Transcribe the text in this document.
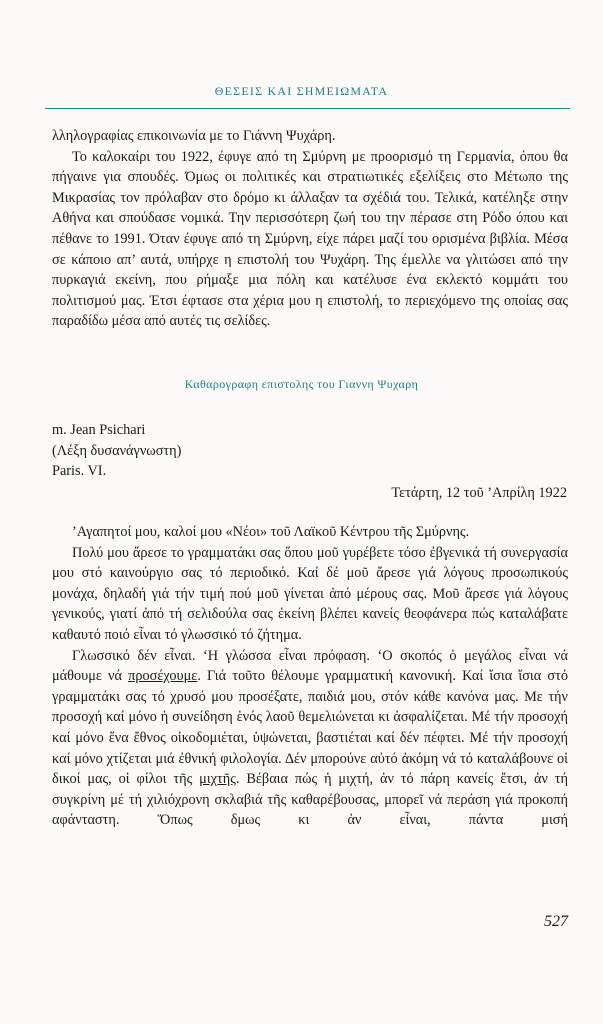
ΘΕΣΕΙΣ ΚΑΙ ΣΗΜΕΙΩΜΑΤΑ

λληλογραφίας επικοινωνία με το Γιάννη Ψυχάρη.

Το καλοκαίρι του 1922, έφυγε από τη Σμύρνη με προορισμό τη Γερμανία, όπου θα πήγαινε για σπουδές. Όμως οι πολιτικές και στρατιωτικές εξελίξεις στο Μέτωπο της Μικρασίας τον πρόλαβαν στο δρόμο κι άλλαξαν τα σχέδιά του. Τελικά, κατέληξε στην Αθήνα και σπούδασε νομικά. Την περισσότερη ζωή του την πέρασε στη Ρόδο όπου και πέθανε το 1991. Όταν έφυγε από τη Σμύρνη, είχε πάρει μαζί του ορισμένα βιβλία. Μέσα σε κάποιο απ’ αυτά, υπήρχε η επιστολή του Ψυχάρη. Της έμελλε να γλιτώσει από την πυρκαγιά εκείνη, που ρήμαξε μια πόλη και κατέλυσε ένα εκλεκτό κομμάτι του πολιτισμού μας. Έτσι έφτασε στα χέρια μου η επιστολή, το περιεχόμενο της οποίας σας παραδίδω μέσα από αυτές τις σελίδες.

Καθαρογραφη επιστολης του Γιαννη Ψυχαρη
m. Jean Psichari
(Λέξη δυσανάγνωστη)
Paris. VI.
Τετάρτη, 12 τοῦ ’Απρίλη 1922

’Αγαπητοί μου, καλοί μου «Νέοι» τοῦ Λαϊκοῦ Κέντρου τῆς Σμύρνης.

Πολύ μου ἄρεσε το γραμματάκι σας ὅπου μοῦ γυρέβετε τόσο ἐβγενικά τή συνεργασία μου στό καινούργιο σας τό περιοδικό. Καί δέ μοῦ ἄρεσε γιά λόγους προσωπικούς μονάχα, δηλαδή γιά τήν τιμή πού μοῦ γίνεται ἀπό μέρους σας. Μοῦ ἄρεσε γιά λόγους γενικούς, γιατί ἀπό τή σελιδούλα σας ἐκείνη βλέπει κανείς θεοφάνερα πώς καταλάβατε καθαυτό ποιό εἶναι τό γλωσσικό τό ζήτημα.

Γλωσσικό δέν εἶναι. ‘Η γλώσσα εἶναι πρόφαση. ‘Ο σκοπός ὁ μεγάλος εἶναι νά μάθουμε νά προσέχουμε. Γιά τοῦτο θέλουμε γραμματική κανονική. Καί ἴσια ἴσια στό γραμματάκι σας τό χρυσό μου προσέξατε, παιδιά μου, στόν κάθε κανόνα μας. Με τήν προσοχή καί μόνο ἡ συνείδηση ἑνός λαοῦ θεμελιώνεται κι ἀσφαλίζεται. Μέ τήν προσοχή καί μόνο ἕνα ἔθνος οἰκοδομιέται, ὑψώνεται, βαστιέται καί δέν πέφτει. Μέ τήν προσοχή καί μόνο χτίζεται μιά ἐθνική φιλολογία. Δέν μπορούνε αὐτό ἀκόμη νά τό καταλάβουνε οἱ δικοί μας, οἱ φίλοι τῆς μιχτῆς. Βέβαια πώς ἡ μιχτή, ἀν τό πάρη κανείς ἔτσι, ἀν τή συγκρίνη μέ τή χιλιόχρονη σκλαβιά τῆς καθαρέβουσας, μπορεῖ νά περάση γιά προκοπή αφάνταστη. Ὅπως δμως κι ἀν εἶναι, πάντα μισή

527
